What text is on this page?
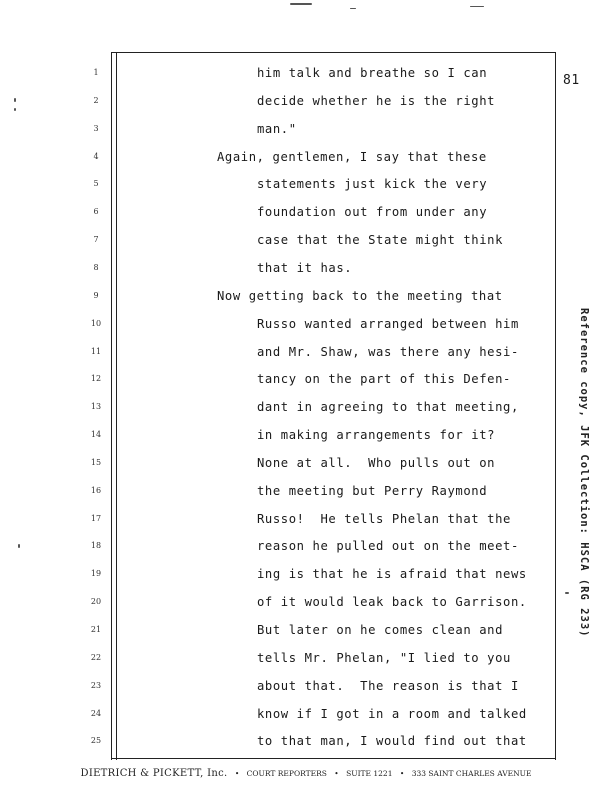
81
1
2
3
4
5
6
7
8
9
10
11
12
13
14
15
16
17
18
19
20
21
22
23
24
25
him talk and breathe so I can
decide whether he is the right
man."
Again, gentlemen, I say that these
statements just kick the very
foundation out from under any
case that the State might think
that it has.
Now getting back to the meeting that
Russo wanted arranged between him
and Mr. Shaw, was there any hesi-
tancy on the part of this Defen-
dant in agreeing to that meeting,
in making arrangements for it?
None at all.  Who pulls out on
the meeting but Perry Raymond
Russo!  He tells Phelan that the
reason he pulled out on the meet-
ing is that he is afraid that news
of it would leak back to Garrison.
But later on he comes clean and
tells Mr. Phelan, "I lied to you
about that.  The reason is that I
know if I got in a room and talked
to that man, I would find out that
Reference copy, JFK Collection: HSCA (RG 233)
DIETRICH & PICKETT, Inc. • COURT REPORTERS • SUITE 1221 • 333 SAINT CHARLES AVENUE
